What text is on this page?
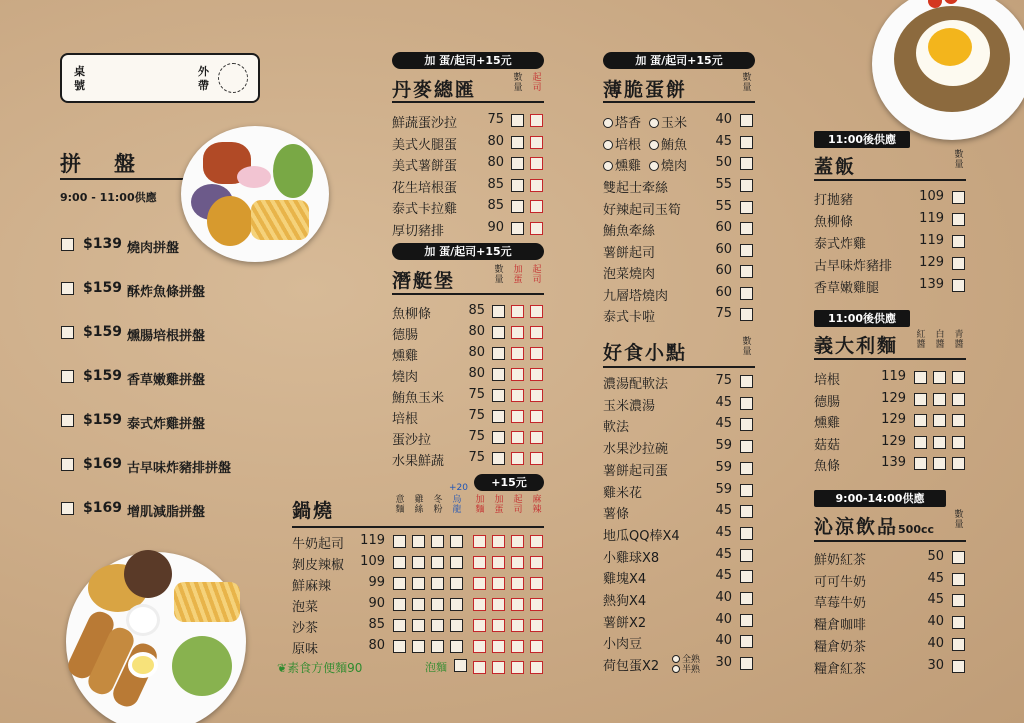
桌號
外帶
拼　盤
9:00 - 11:00供應
$139 燒肉拼盤
$159 酥炸魚條拼盤
$159 燻腸培根拼盤
$159 香草嫩雞拼盤
$159 泰式炸雞拼盤
$169 古早味炸豬排拼盤
$169 增肌減脂拼盤
加 蛋/起司+15元
丹麥總匯
數
量
起
司
鮮蔬蛋沙拉	75
美式火腿蛋	80
美式薯餅蛋	80
花生培根蛋	85
泰式卡拉雞	85
厚切豬排	90
加 蛋/起司+15元
潛艇堡	數
量
加
蛋
起
司
魚柳條	85
德腸	80
燻雞	80
燒肉	80
鮪魚玉米	75
培根	75
蛋沙拉	75
水果鮮蔬	75
+15元
+20
鍋燒	意
麵
雞
絲
冬
粉
烏
龍
加
麵
加
蛋
起
司
麻
辣
牛奶起司	119
剝皮辣椒	109
鮮麻辣	99
泡菜	90
沙茶	85
原味	80
❦素食方便麵90	泡麵
加 蛋/起司+15元
薄脆蛋餅
數
量
塔香 玉米	40
培根 鮪魚	45
燻雞 燒肉	50
雙起士牽絲	55
好辣起司玉筍	55
鮪魚牽絲	60
薯餅起司	60
泡菜燒肉	60
九層塔燒肉	60
泰式卡啦	75
好食小點	數
量
濃湯配軟法	75
玉米濃湯	45
軟法	45
水果沙拉碗	59
薯餅起司蛋	59
雞米花	59
薯條	45
地瓜QQ棒X4	45
小雞球X8	45
雞塊X4	45
熱狗X4	40
薯餅X2	40
小肉豆	40
荷包蛋X2	30
全熟
半熟
11:00後供應
蓋飯
數
量
打拋豬	109
魚柳條	119
泰式炸雞	119
古早味炸豬排	129
香草嫩雞腿	139
11:00後供應
義大利麵 紅
醬
白
醬
青
醬
培根	119
德腸	129
燻雞	129
菇菇	129
魚條	139
9:00-14:00供應
沁涼飲品500cc
數
量
鮮奶紅茶	50
可可牛奶	45
草莓牛奶	45
糧倉咖啡	40
糧倉奶茶	40
糧倉紅茶	30
